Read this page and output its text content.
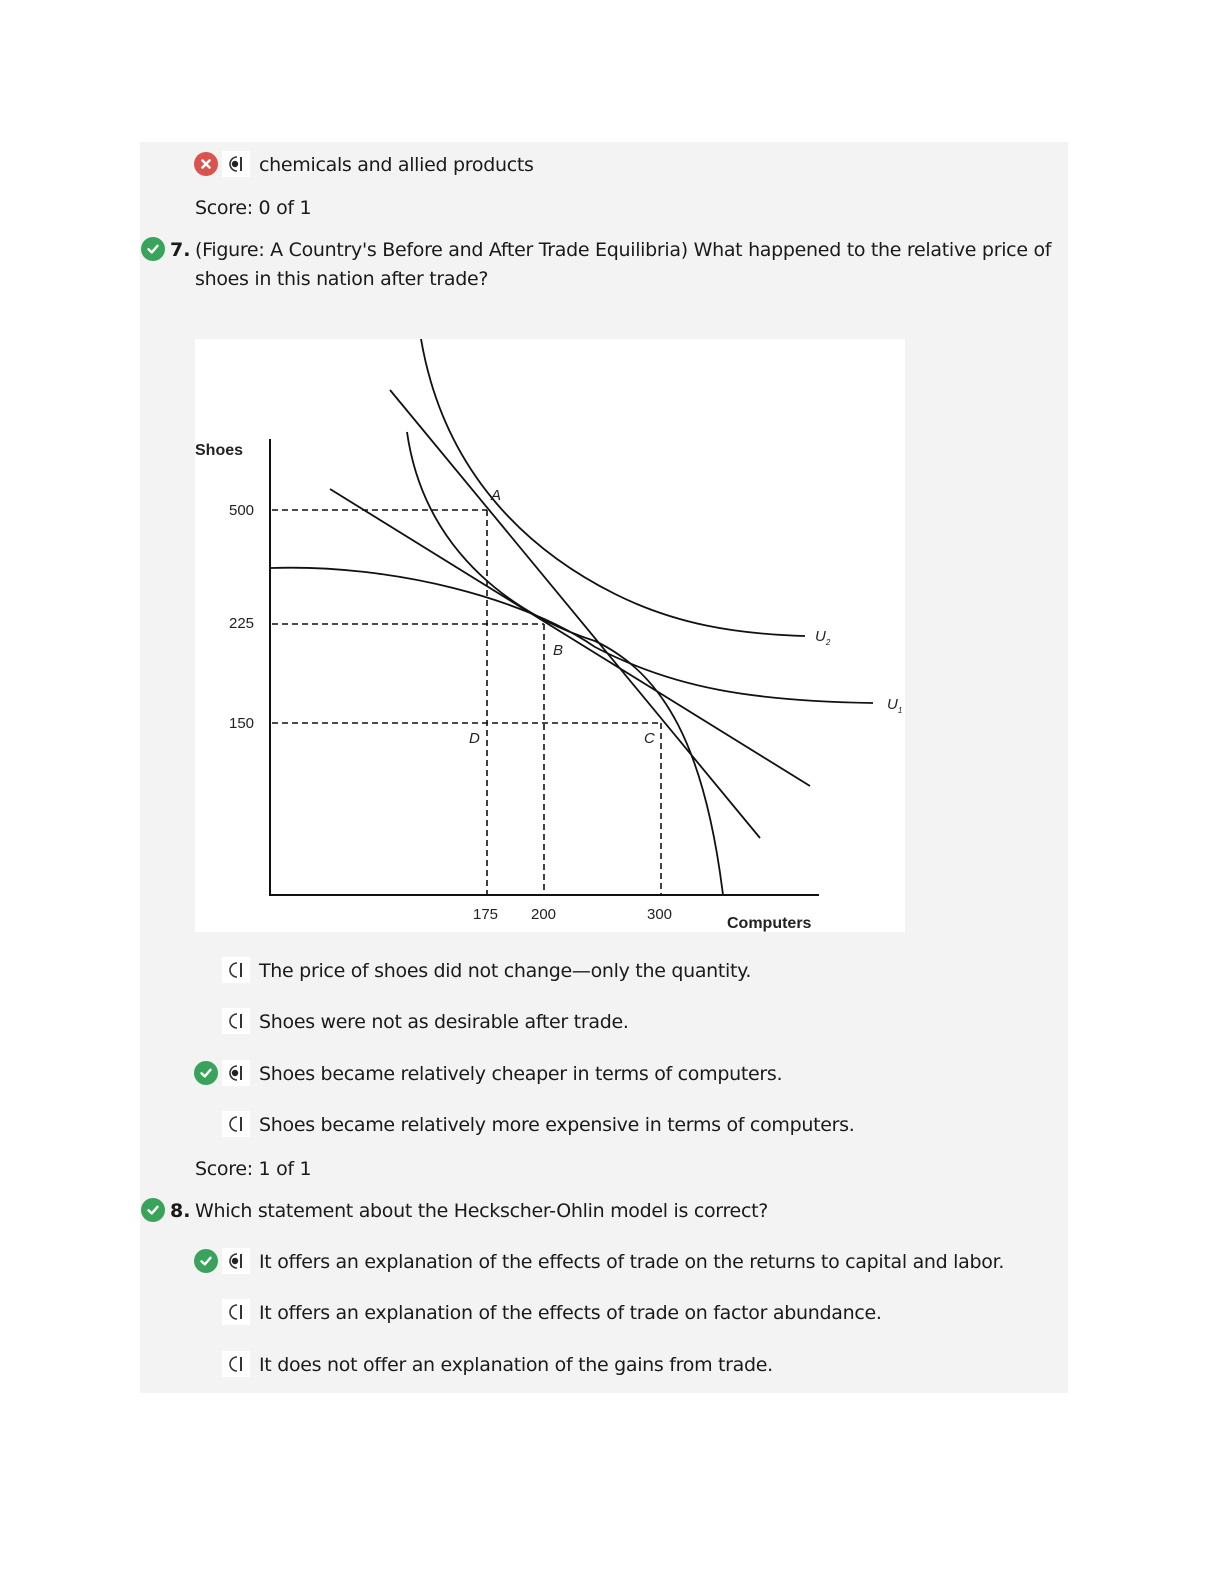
chemicals and allied products
Score: 0 of 1
7. (Figure: A Country's Before and After Trade Equilibria) What happened to the relative price of
shoes in this nation after trade?
Shoes
Computers
500
225
150
175 200	300
A
B
C
D
$U_2$
$U_1$
The price of shoes did not change—only the quantity.
Shoes were not as desirable after trade.
Shoes became relatively cheaper in terms of computers.
Shoes became relatively more expensive in terms of computers.
Score: 1 of 1
8. Which statement about the Heckscher-Ohlin model is correct?
It offers an explanation of the effects of trade on the returns to capital and labor.
It offers an explanation of the effects of trade on factor abundance.
It does not offer an explanation of the gains from trade.
